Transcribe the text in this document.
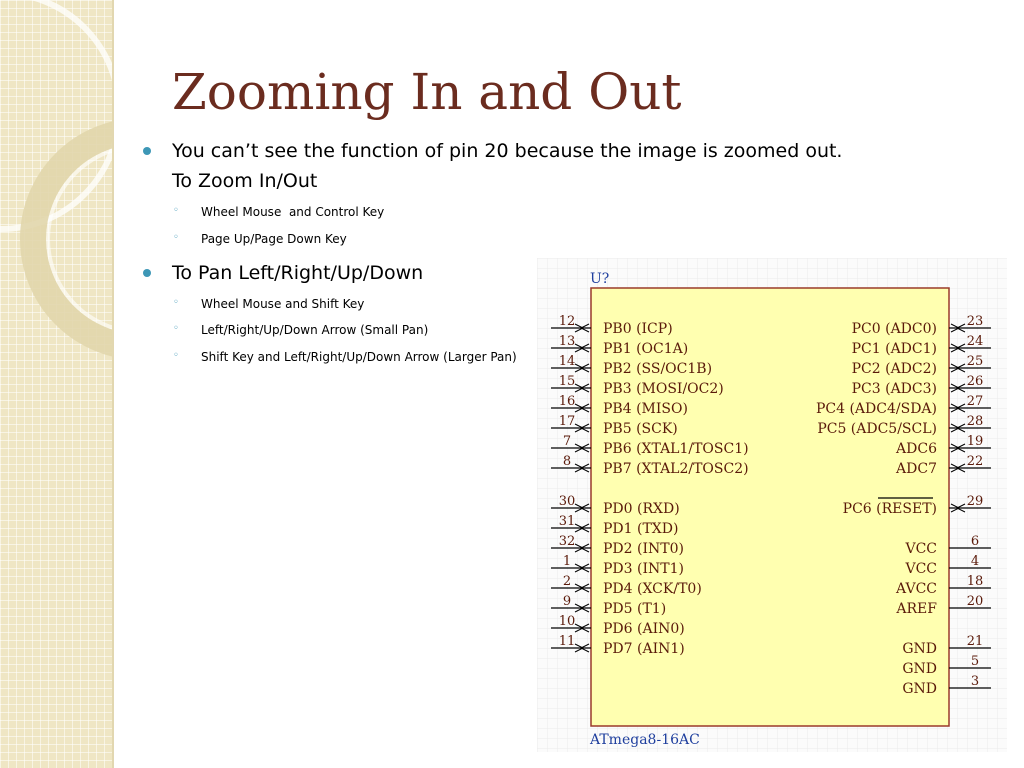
Zooming In and Out
You can’t see the function of pin 20 because the image is zoomed out.
To Zoom In/Out
◦ Wheel Mouse  and Control Key
◦ Page Up/Page Down Key
To Pan Left/Right/Up/Down
◦ Wheel Mouse and Shift Key
◦ Left/Right/Up/Down Arrow (Small Pan)
◦ Shift Key and Left/Right/Up/Down Arrow (Larger Pan)
U?
ATmega8-16AC
12 PB0 (ICP)
13 PB1 (OC1A)
14 PB2 (SS/OC1B)
15 PB3 (MOSI/OC2)
16 PB4 (MISO)
17 PB5 (SCK)
7 PB6 (XTAL1/TOSC1)
8 PB7 (XTAL2/TOSC2)
30 PD0 (RXD)
31 PD1 (TXD)
32 PD2 (INT0)
1 PD3 (INT1)
2 PD4 (XCK/T0)
9 PD5 (T1)
10 PD6 (AIN0)
11 PD7 (AIN1)
23
PC0 (ADC0)
24
PC1 (ADC1)
25
PC2 (ADC2)
26
PC3 (ADC3)
27
PC4 (ADC4/SDA)
28
PC5 (ADC5/SCL)
19
ADC6
22
ADC7
29
PC6 (RESET)
6
VCC
4
VCC
18
AVCC
20
AREF
21
GND
5
GND
3
GND
